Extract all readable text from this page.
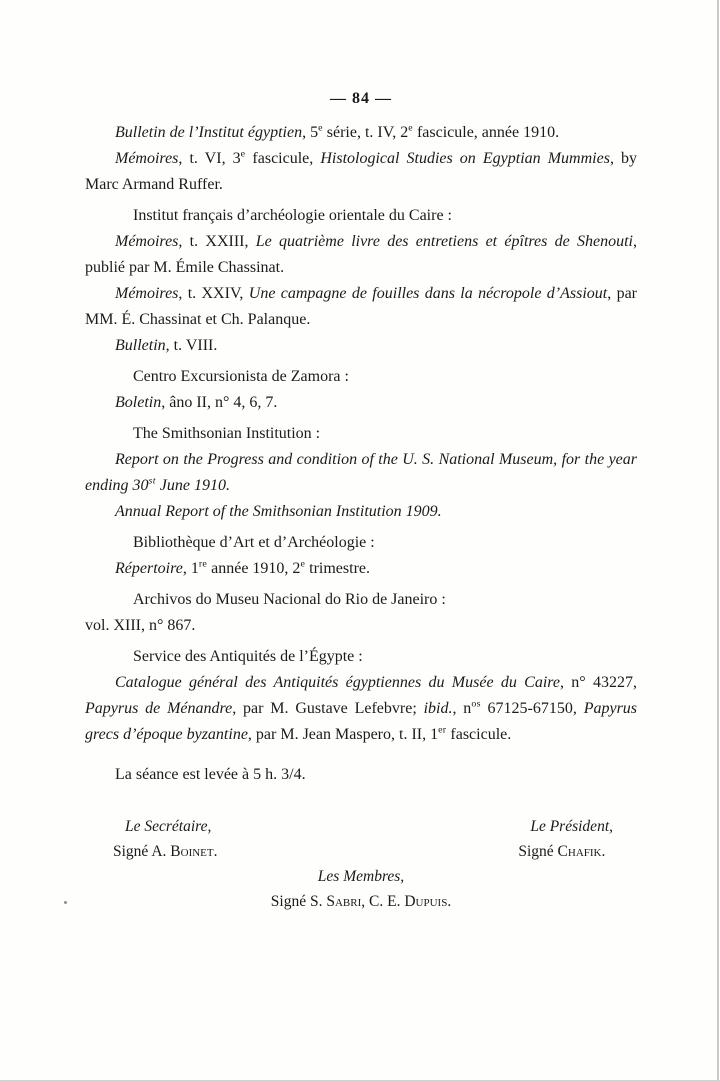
— 84 —

Bulletin de l’Institut égyptien, 5e série, t. IV, 2e fascicule, année 1910.

Mémoires, t. VI, 3e fascicule, Histological Studies on Egyptian Mummies, by Marc Armand Ruffer.

Institut français d’archéologie orientale du Caire :

Mémoires, t. XXIII, Le quatrième livre des entretiens et épîtres de Shenouti, publié par M. Émile Chassinat.

Mémoires, t. XXIV, Une campagne de fouilles dans la nécropole d’Assiout, par MM. É. Chassinat et Ch. Palanque.

Bulletin, t. VIII.

Centro Excursionista de Zamora :

Boletin, âno II, n° 4, 6, 7.

The Smithsonian Institution :

Report on the Progress and condition of the U. S. National Museum, for the year ending 30st June 1910.

Annual Report of the Smithsonian Institution 1909.

Bibliothèque d’Art et d’Archéologie :

Répertoire, 1re année 1910, 2e trimestre.

Archivos do Museu Nacional do Rio de Janeiro :

vol. XIII, n° 867.

Service des Antiquités de l’Égypte :

Catalogue général des Antiquités égyptiennes du Musée du Caire, n° 43227, Papyrus de Ménandre, par M. Gustave Lefebvre; ibid., $n^{os}$ 67125-67150, Papyrus grecs d’époque byzantine, par M. Jean Maspero, t. II, 1er fascicule.

La séance est levée à 5 h. 3/4.

Le Secrétaire,
Signé A. Boinet.
Le Président,
Signé Chafik.
Les Membres,
Signé S. Sabri, C. E. Dupuis.
